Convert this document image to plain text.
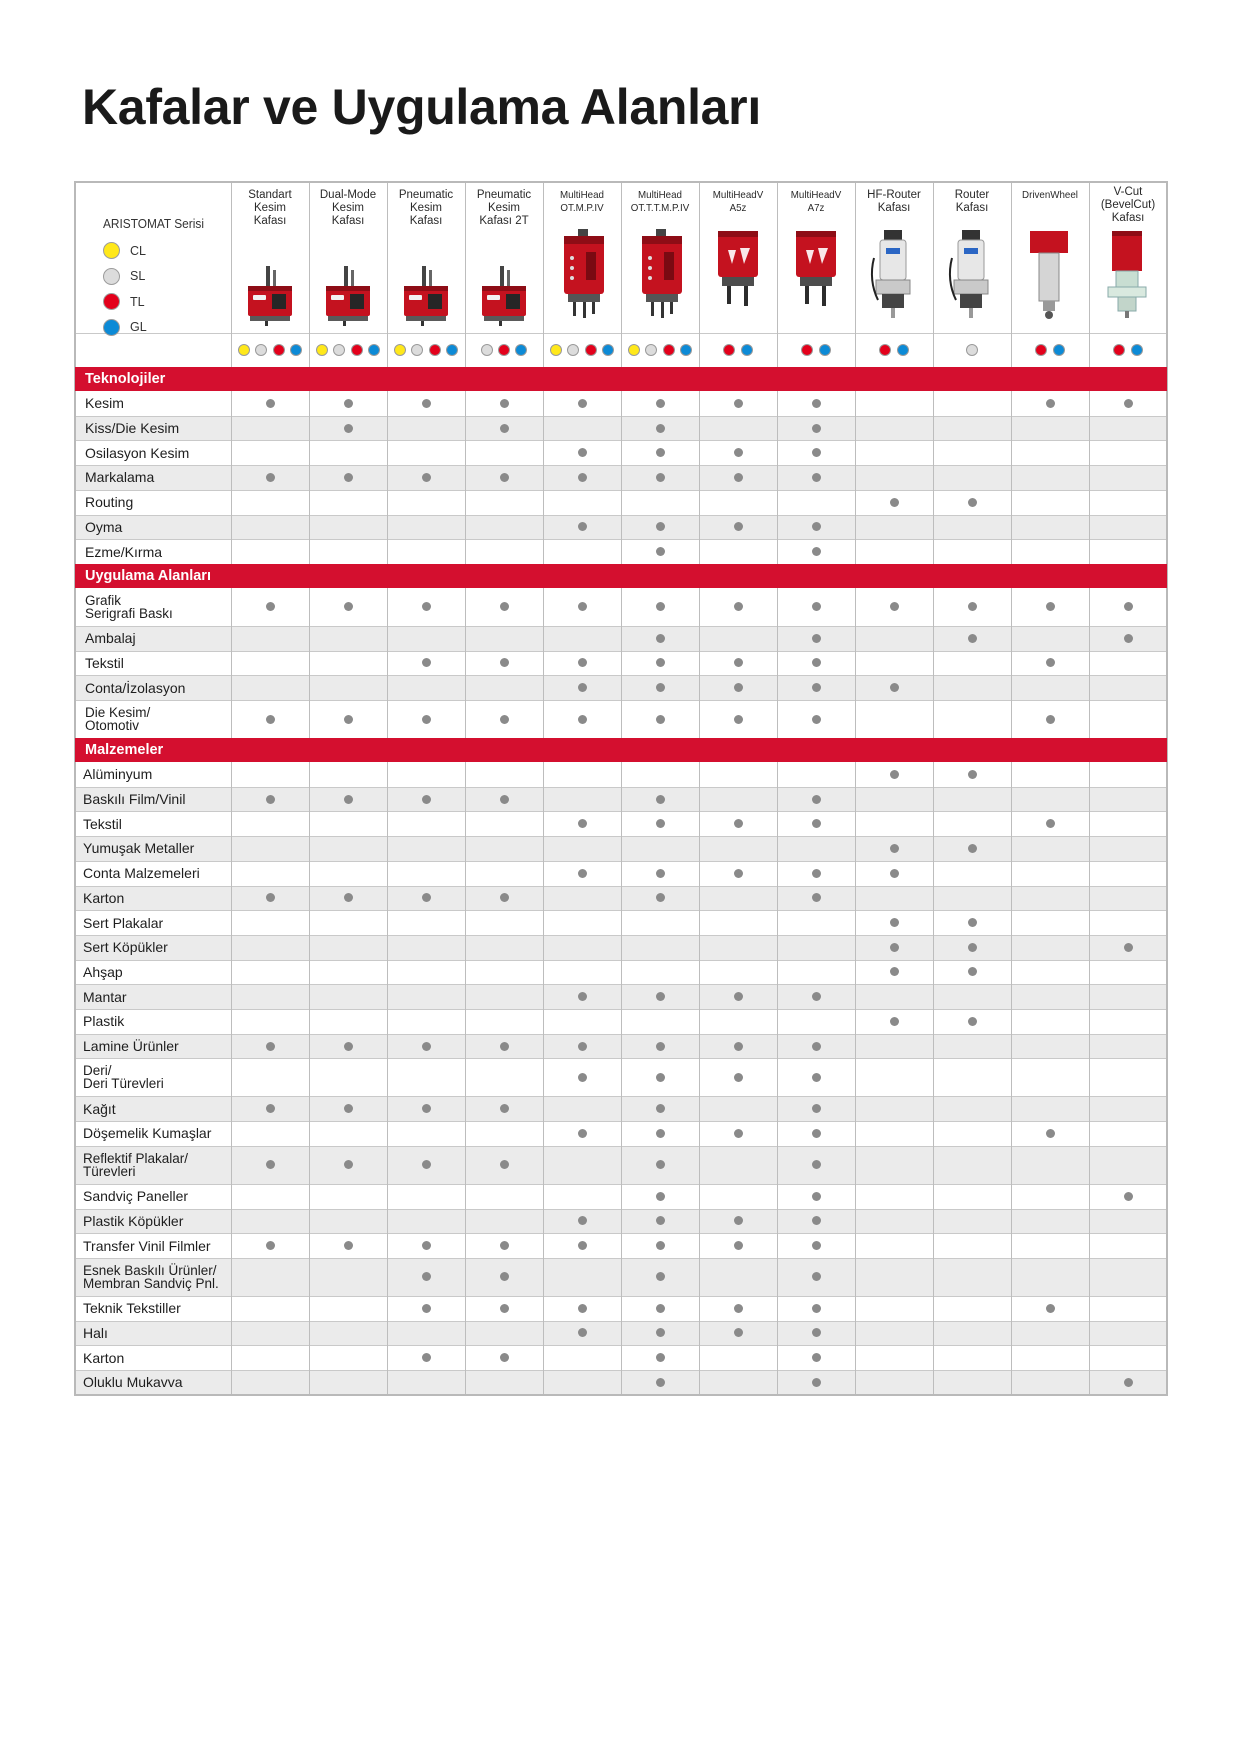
Kafalar ve Uygulama Alanları
Teknolojiler
Uygulama Alanları
Malzemeler
ARISTOMAT Serisi
CL
SL
TL
GL
Standart
Kesim
Kafası
Dual-Mode
Kesim
Kafası
Pneumatic
Kesim
Kafası
Pneumatic
Kesim
Kafası 2T
MultiHead
OT.M.P.IV
MultiHead
OT.T.T.M.P.IV
MultiHeadV
A5z
MultiHeadV
A7z
HF-Router
Kafası
Router
Kafası
DrivenWheel	V-Cut
(BevelCut)
Kafası
Kesim
Kiss/Die Kesim
Osilasyon Kesim
Markalama
Routing
Oyma
Ezme/Kırma
Grafik
Serigrafi Baskı
Ambalaj
Tekstil
Conta/İzolasyon
Die Kesim/
Otomotiv
Alüminyum
Baskılı Film/Vinil
Tekstil
Yumuşak Metaller
Conta Malzemeleri
Karton
Sert Plakalar
Sert Köpükler
Ahşap
Mantar
Plastik
Lamine Ürünler
Deri/
Deri Türevleri
Kağıt
Döşemelik Kumaşlar
Reflektif Plakalar/
Türevleri
Sandviç Paneller
Plastik Köpükler
Transfer Vinil Filmler
Esnek Baskılı Ürünler/
Membran Sandviç Pnl.
Teknik Tekstiller
Halı
Karton
Oluklu Mukavva
